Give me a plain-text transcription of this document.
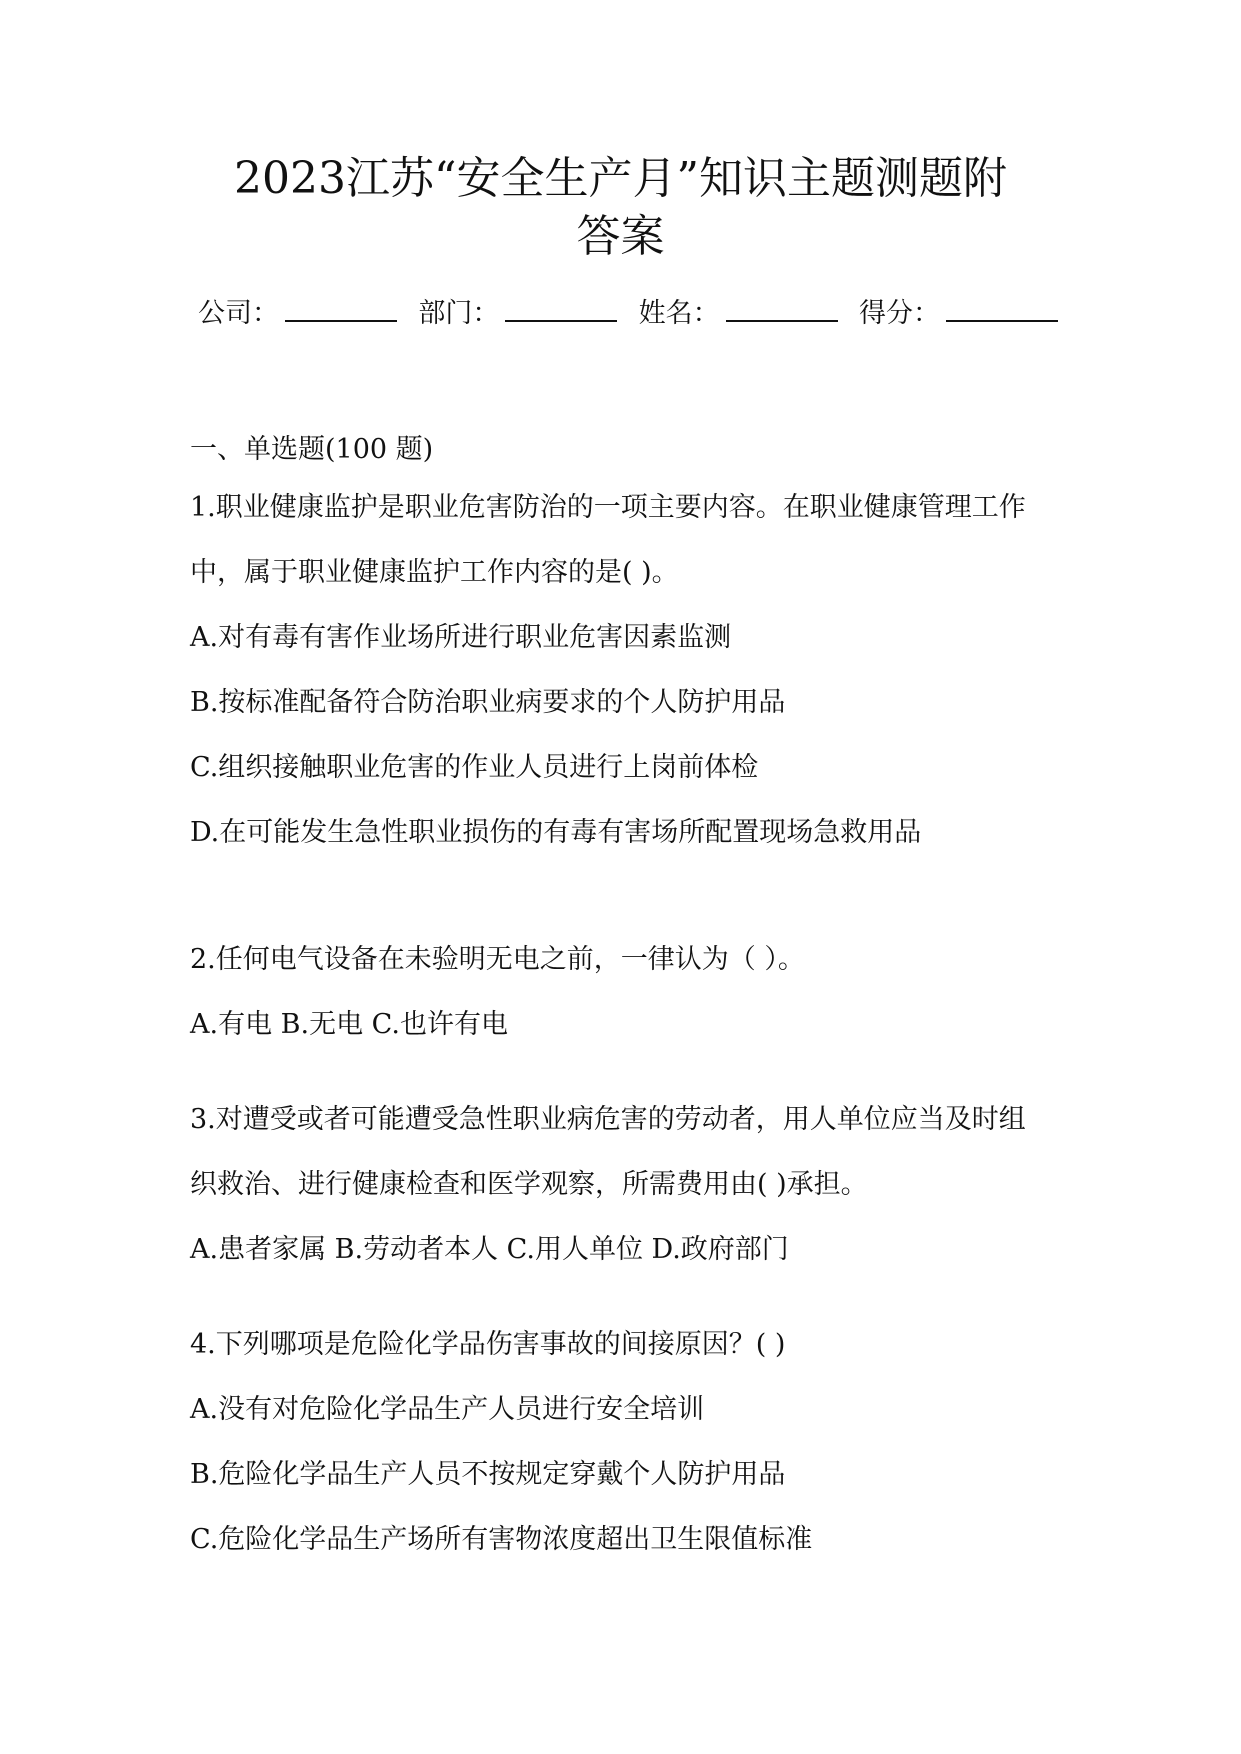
2023江苏“安全生产月”知识主题测题附
答案
公司：	部门：	姓名：	得分：
一、单选题(100 题)
1.职业健康监护是职业危害防治的一项主要内容。在职业健康管理工作
中，属于职业健康监护工作内容的是( )。
A.对有毒有害作业场所进行职业危害因素监测
B.按标准配备符合防治职业病要求的个人防护用品
C.组织接触职业危害的作业人员进行上岗前体检
D.在可能发生急性职业损伤的有毒有害场所配置现场急救用品
2.任何电气设备在未验明无电之前，一律认为（ ）。
A.有电 B.无电 C.也许有电
3.对遭受或者可能遭受急性职业病危害的劳动者，用人单位应当及时组
织救治、进行健康检查和医学观察，所需费用由( )承担。
A.患者家属 B.劳动者本人 C.用人单位 D.政府部门
4.下列哪项是危险化学品伤害事故的间接原因？( )
A.没有对危险化学品生产人员进行安全培训
B.危险化学品生产人员不按规定穿戴个人防护用品
C.危险化学品生产场所有害物浓度超出卫生限值标准
